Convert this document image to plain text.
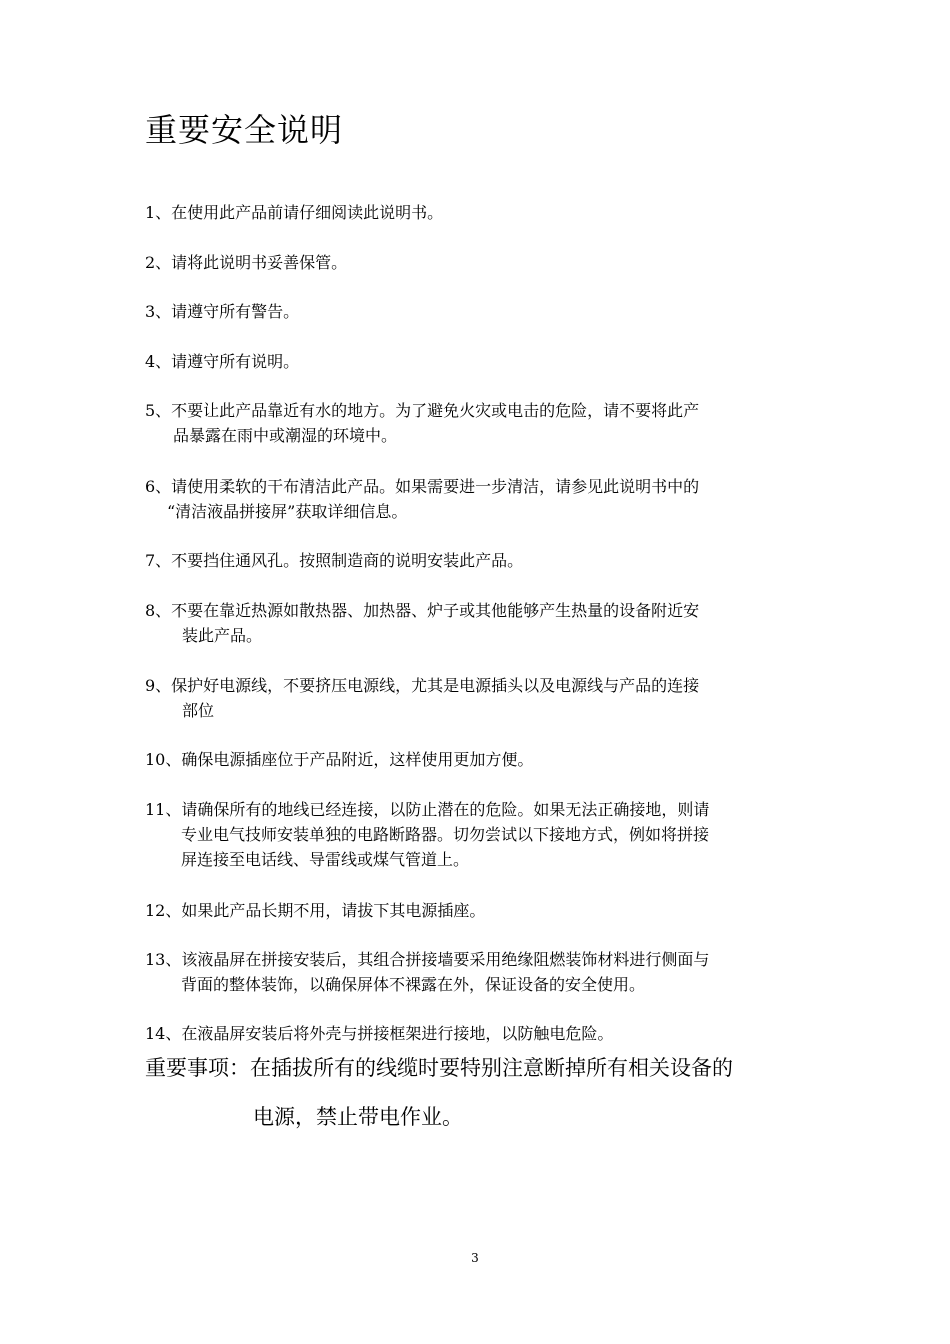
重要安全说明

1、在使用此产品前请仔细阅读此说明书。

2、请将此说明书妥善保管。

3、请遵守所有警告。

4、请遵守所有说明。

5、不要让此产品靠近有水的地方。为了避免火灾或电击的危险，请不要将此产
品暴露在雨中或潮湿的环境中。

6、请使用柔软的干布清洁此产品。如果需要进一步清洁，请参见此说明书中的
“清洁液晶拼接屏”获取详细信息。

7、不要挡住通风孔。按照制造商的说明安装此产品。

8、不要在靠近热源如散热器、加热器、炉子或其他能够产生热量的设备附近安
装此产品。

9、保护好电源线，不要挤压电源线，尤其是电源插头以及电源线与产品的连接
部位

10、确保电源插座位于产品附近，这样使用更加方便。

11、请确保所有的地线已经连接，以防止潜在的危险。如果无法正确接地，则请
专业电气技师安装单独的电路断路器。切勿尝试以下接地方式，例如将拼接
屏连接至电话线、导雷线或煤气管道上。

12、如果此产品长期不用，请拔下其电源插座。

13、该液晶屏在拼接安装后，其组合拼接墙要采用绝缘阻燃装饰材料进行侧面与
背面的整体装饰，以确保屏体不裸露在外，保证设备的安全使用。

14、在液晶屏安装后将外壳与拼接框架进行接地，以防触电危险。

重要事项：在插拔所有的线缆时要特别注意断掉所有相关设备的

电源，禁止带电作业。

3
